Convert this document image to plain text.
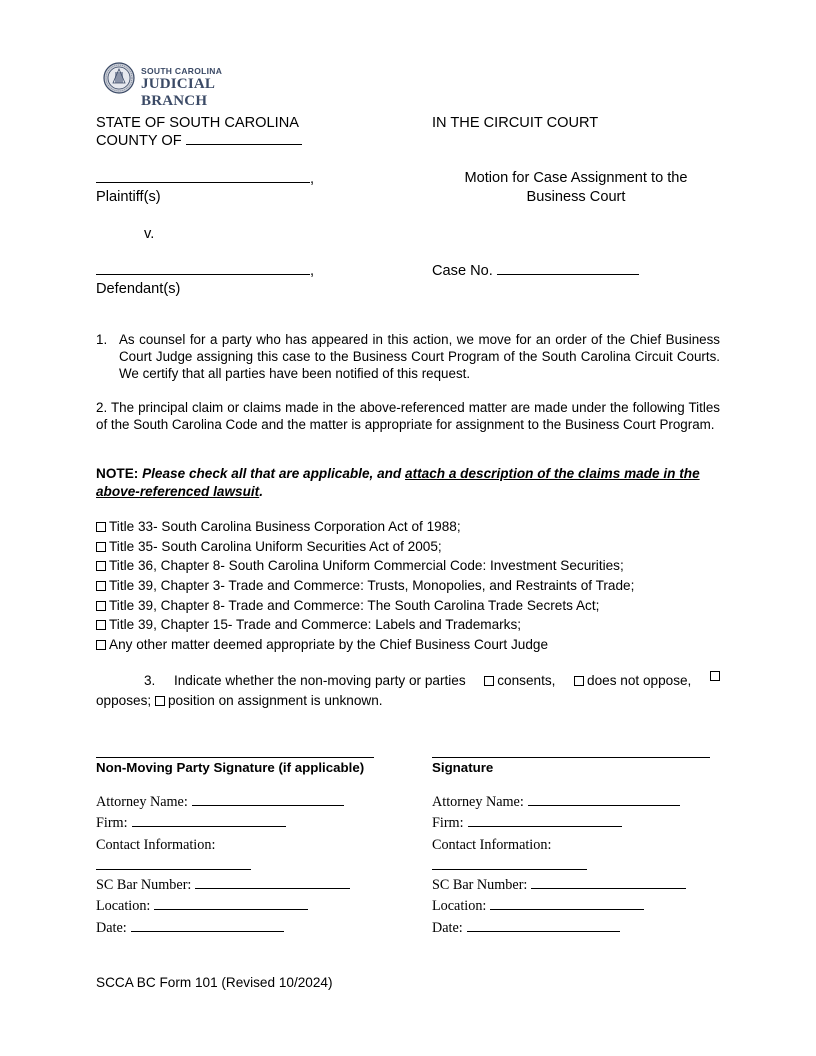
SOUTH CAROLINA
JUDICIAL BRANCH
STATE OF SOUTH CAROLINA
COUNTY OF
IN THE CIRCUIT COURT
,
Plaintiff(s)
Motion for Case Assignment to the
Business Court
v.
,
Defendant(s)
Case No.
1. As counsel for a party who has appeared in this action, we move for an order of the Chief Business Court Judge assigning this case to the Business Court Program of the South Carolina Circuit Courts. We certify that all parties have been notified of this request.

2. The principal claim or claims made in the above-referenced matter are made under the following Titles of the South Carolina Code and the matter is appropriate for assignment to the Business Court Program.

NOTE: Please check all that are applicable, and attach a description of the claims made in the above-referenced lawsuit.
Title 33- South Carolina Business Corporation Act of 1988;
Title 35- South Carolina Uniform Securities Act of 2005;
Title 36, Chapter 8- South Carolina Uniform Commercial Code: Investment Securities;
Title 39, Chapter 3- Trade and Commerce: Trusts, Monopolies, and Restraints of Trade;
Title 39, Chapter 8- Trade and Commerce: The South Carolina Trade Secrets Act;
Title 39, Chapter 15- Trade and Commerce: Labels and Trademarks;
Any other matter deemed appropriate by the Chief Business Court Judge
3. Indicate whether the non-moving party or parties	consents,	does not oppose,
opposes; position on assignment is unknown.
Non-Moving Party Signature (if applicable)	Signature
Attorney Name:
Firm:
Contact Information:
SC Bar Number:
Location:
Date:
Attorney Name:
Firm:
Contact Information:
SC Bar Number:
Location:
Date:
SCCA BC Form 101 (Revised 10/2024)
